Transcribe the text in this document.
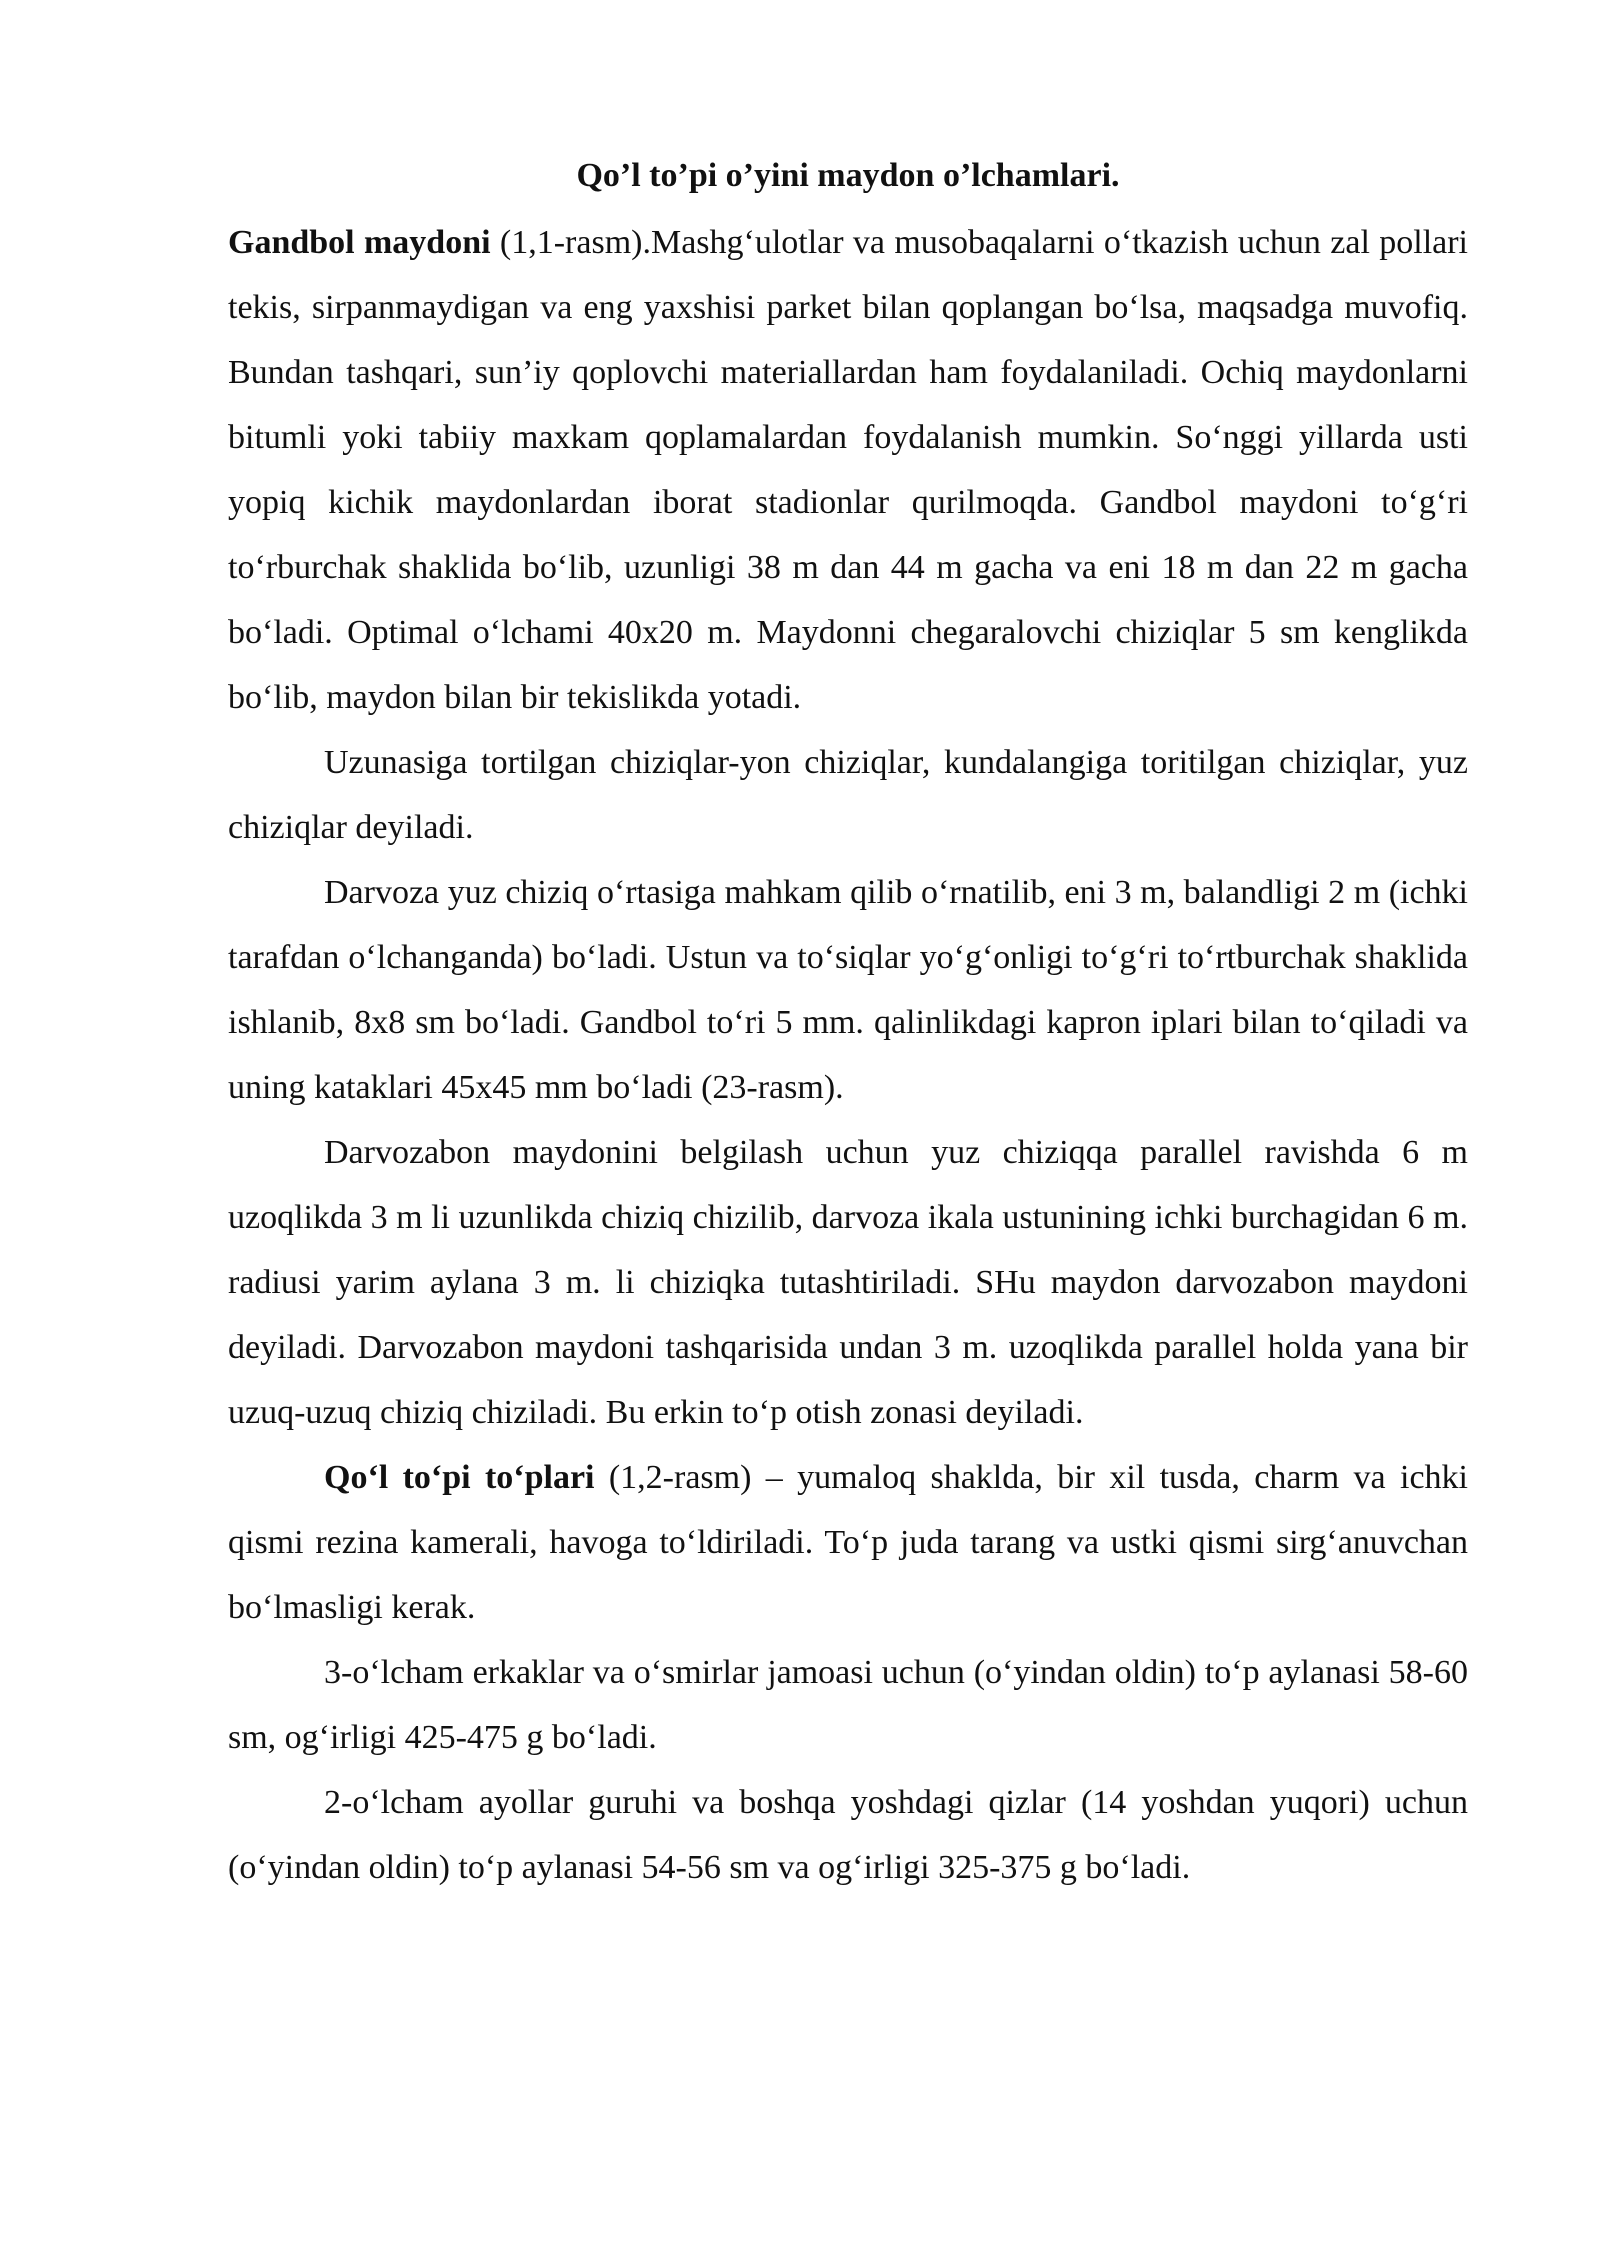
Qo’l to’pi o’yini maydon o’lchamlari.

Gandbol maydoni (1,1-rasm).Mashg‘ulotlar va musobaqalarni o‘tkazish uchun zal pollari tekis, sirpanmaydigan va eng yaxshisi parket bilan qoplangan bo‘lsa, maqsadga muvofiq. Bundan tashqari, sun’iy qoplovchi materiallardan ham foydalaniladi. Ochiq maydonlarni bitumli yoki tabiiy maxkam qoplamalardan foydalanish mumkin. So‘nggi yillarda usti yopiq kichik maydonlardan iborat stadionlar qurilmoqda. Gandbol maydoni to‘g‘ri to‘rburchak shaklida bo‘lib, uzunligi 38 m dan 44 m gacha va eni 18 m dan 22 m gacha bo‘ladi. Optimal o‘lchami 40x20 m. Maydonni chegaralovchi chiziqlar 5 sm kenglikda bo‘lib, maydon bilan bir tekislikda yotadi.

Uzunasiga tortilgan chiziqlar-yon chiziqlar, kundalangiga toritilgan chiziqlar, yuz chiziqlar deyiladi.

Darvoza yuz chiziq o‘rtasiga mahkam qilib o‘rnatilib, eni 3 m, balandligi 2 m (ichki tarafdan o‘lchanganda) bo‘ladi. Ustun va to‘siqlar yo‘g‘onligi to‘g‘ri to‘rtburchak shaklida ishlanib, 8x8 sm bo‘ladi. Gandbol to‘ri 5 mm. qalinlikdagi kapron iplari bilan to‘qiladi va uning kataklari 45x45 mm bo‘ladi (23-rasm).

Darvozabon maydonini belgilash uchun yuz chiziqqa parallel ravishda 6 m uzoqlikda 3 m li uzunlikda chiziq chizilib, darvoza ikala ustunining ichki burchagidan 6 m. radiusi yarim aylana 3 m. li chiziqka tutashtiriladi. SHu maydon darvozabon maydoni deyiladi. Darvozabon maydoni tashqarisida undan 3 m. uzoqlikda parallel holda yana bir uzuq-uzuq chiziq chiziladi. Bu erkin to‘p otish zonasi deyiladi.

Qo‘l to‘pi to‘plari (1,2-rasm) – yumaloq shaklda, bir xil tusda, charm va ichki qismi rezina kamerali, havoga to‘ldiriladi. To‘p juda tarang va ustki qismi sirg‘anuvchan bo‘lmasligi kerak.

3-o‘lcham erkaklar va o‘smirlar jamoasi uchun (o‘yindan oldin) to‘p aylanasi 58-60 sm, og‘irligi 425-475 g bo‘ladi.

2-o‘lcham ayollar guruhi va boshqa yoshdagi qizlar (14 yoshdan yuqori) uchun (o‘yindan oldin) to‘p aylanasi 54-56 sm va og‘irligi 325-375 g bo‘ladi.
